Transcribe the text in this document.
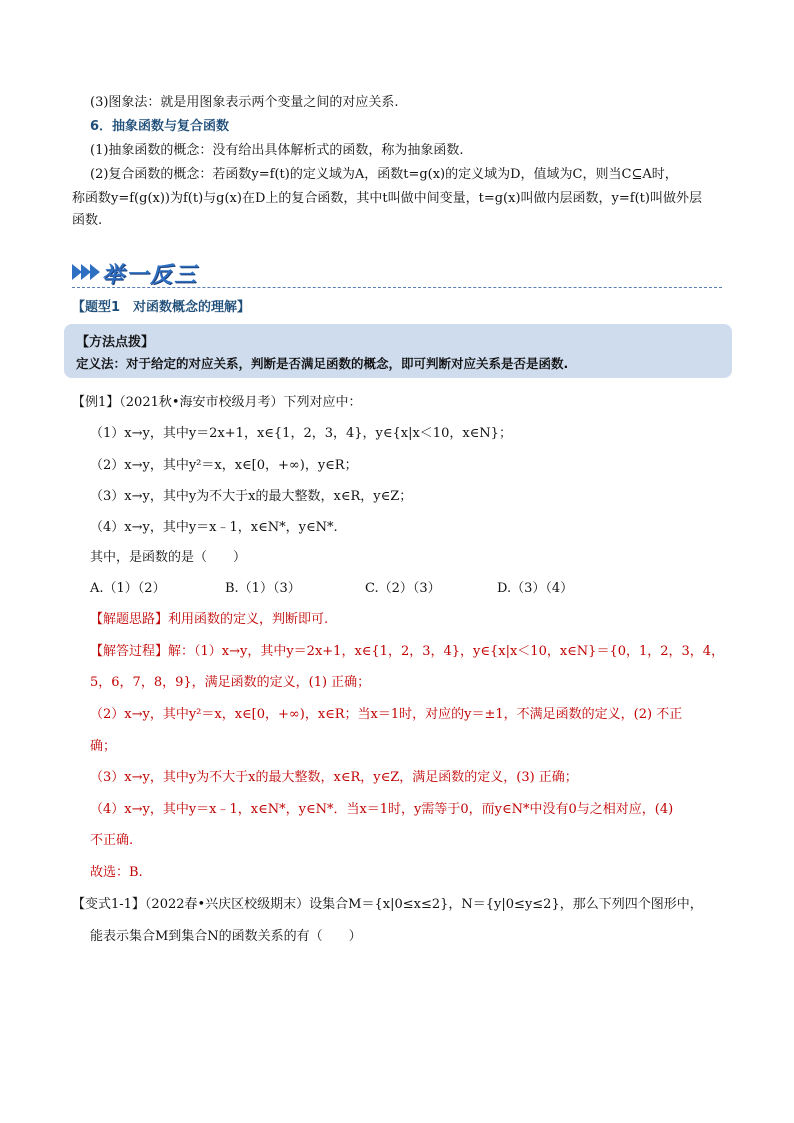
(3)图象法：就是用图象表示两个变量之间的对应关系.
6．抽象函数与复合函数
(1)抽象函数的概念：没有给出具体解析式的函数，称为抽象函数.
(2)复合函数的概念：若函数y=f(t)的定义域为A，函数t=g(x)的定义域为D，值域为C，则当C⊆A时，
称函数y=f(g(x))为f(t)与g(x)在D上的复合函数，其中t叫做中间变量，t=g(x)叫做内层函数，y=f(t)叫做外层
函数.
举一反三
【题型1　对函数概念的理解】
【方法点拨】
定义法：对于给定的对应关系，判断是否满足函数的概念，即可判断对应关系是否是函数.
【例1】（2021秋•海安市校级月考）下列对应中：
（1）x→y，其中y＝2x+1，x∈{1，2，3，4}，y∈{x|x＜10，x∈N}；
（2）x→y，其中y²＝x，x∈[0，+∞)，y∈R；
（3）x→y，其中y为不大于x的最大整数，x∈R，y∈Z；
（4）x→y，其中y＝x﹣1，x∈N*，y∈N*.
其中，是函数的是（　　）
A.（1）（2）	B.（1）（3）	C.（2）（3）	D.（3）（4）
【解题思路】利用函数的定义，判断即可.
【解答过程】解：（1）x→y，其中y＝2x+1，x∈{1，2，3，4}，y∈{x|x＜10，x∈N}＝{0，1，2，3，4，
5，6，7，8，9}，满足函数的定义，(1) 正确；
（2）x→y，其中y²＝x，x∈[0，+∞)，x∈R；当x＝1时，对应的y＝±1，不满足函数的定义，(2) 不正
确；
（3）x→y，其中y为不大于x的最大整数，x∈R，y∈Z，满足函数的定义，(3) 正确；
（4）x→y，其中y＝x﹣1，x∈N*，y∈N*．当x＝1时，y需等于0，而y∈N*中没有0与之相对应，(4)
不正确.
故选：B.
【变式1-1】（2022春•兴庆区校级期末）设集合M＝{x|0≤x≤2}，N＝{y|0≤y≤2}，那么下列四个图形中，
能表示集合M到集合N的函数关系的有（　　）
